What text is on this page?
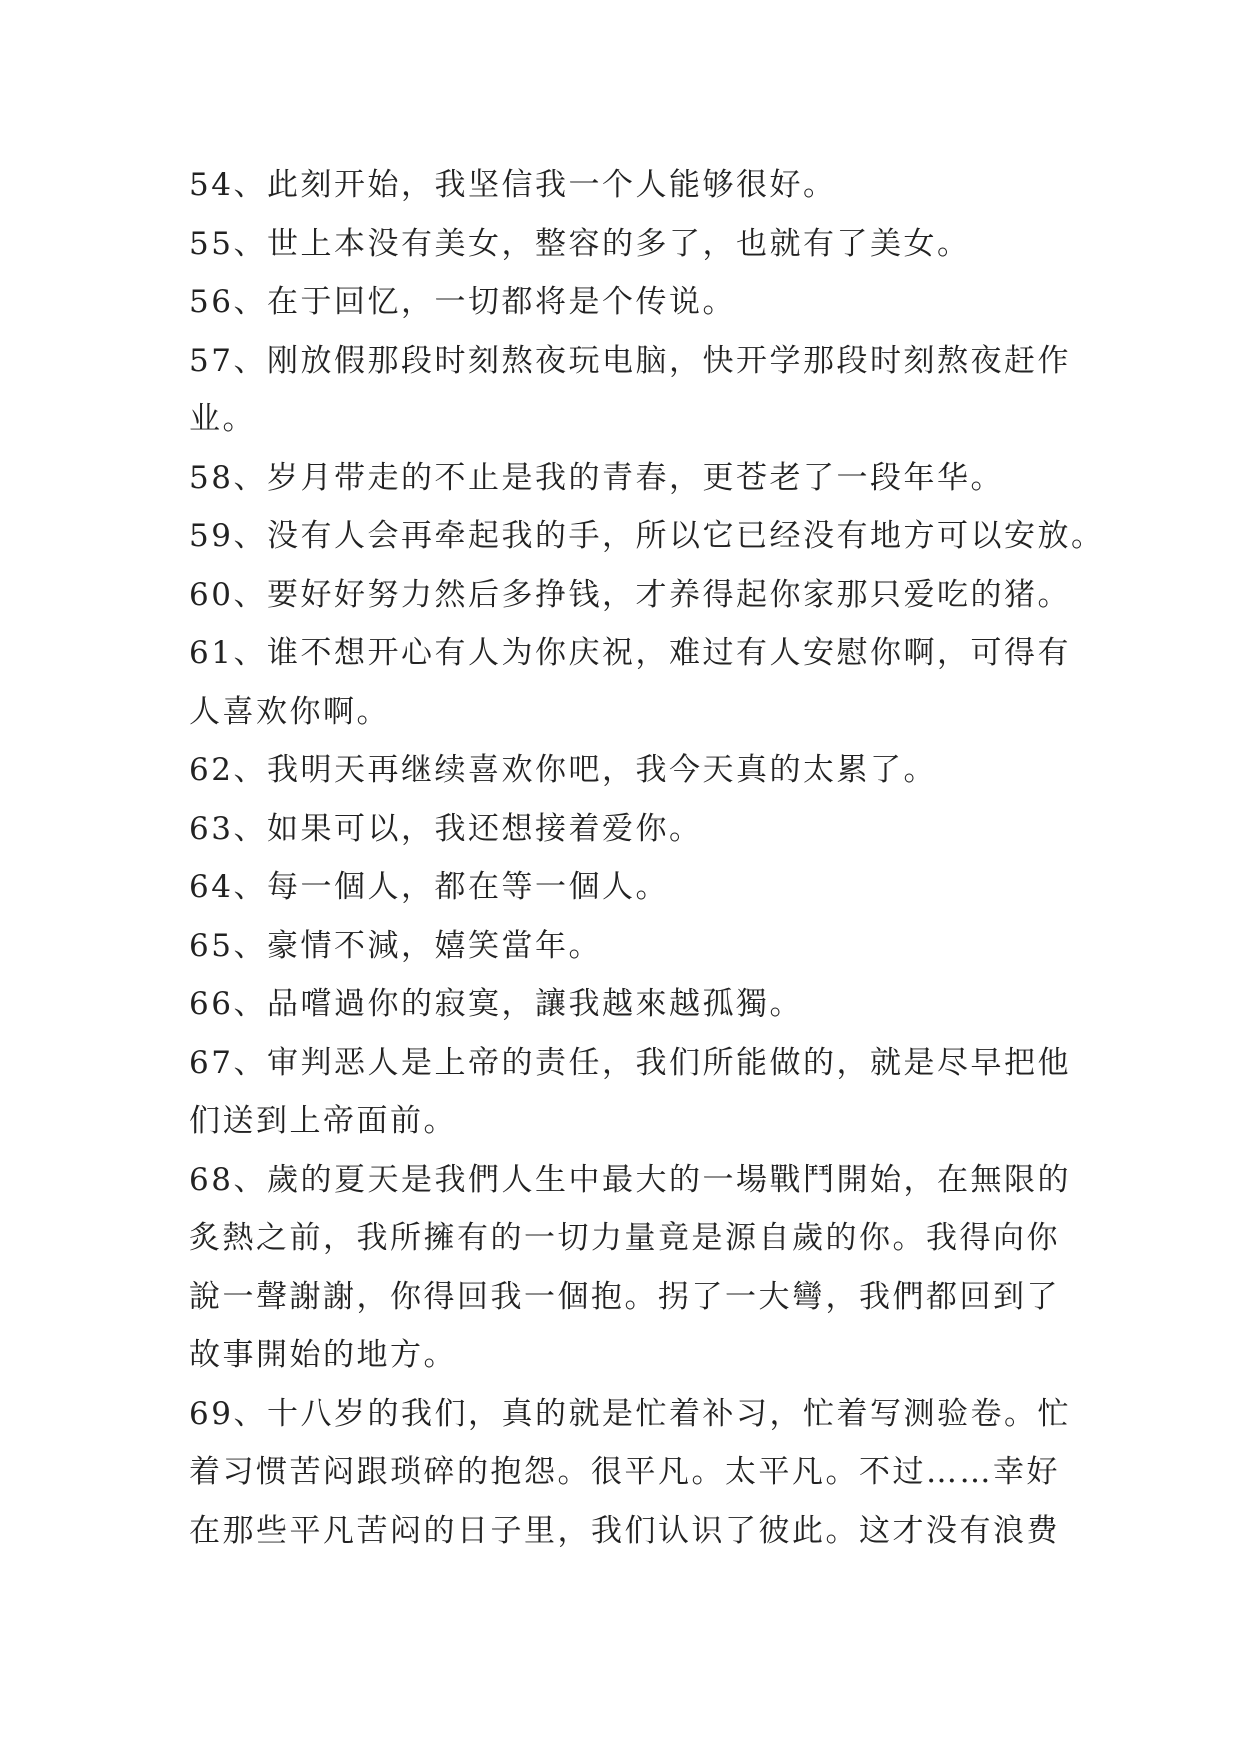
54、此刻开始，我坚信我一个人能够很好。
55、世上本没有美女，整容的多了，也就有了美女。
56、在于回忆，一切都将是个传说。
57、刚放假那段时刻熬夜玩电脑，快开学那段时刻熬夜赶作
业。
58、岁月带走的不止是我的青春，更苍老了一段年华。
59、没有人会再牵起我的手，所以它已经没有地方可以安放。
60、要好好努力然后多挣钱，才养得起你家那只爱吃的猪。
61、谁不想开心有人为你庆祝，难过有人安慰你啊，可得有
人喜欢你啊。
62、我明天再继续喜欢你吧，我今天真的太累了。
63、如果可以，我还想接着爱你。
64、每一個人，都在等一個人。
65、豪情不減，嬉笑當年。
66、品嚐過你的寂寞，讓我越來越孤獨。
67、审判恶人是上帝的责任，我们所能做的，就是尽早把他
们送到上帝面前。
68、歲的夏天是我們人生中最大的一場戰鬥開始，在無限的
炙熱之前，我所擁有的一切力量竟是源自歲的你。我得向你
說一聲謝謝，你得回我一個抱。拐了一大彎，我們都回到了
故事開始的地方。
69、十八岁的我们，真的就是忙着补习，忙着写测验卷。忙
着习惯苦闷跟琐碎的抱怨。很平凡。太平凡。不过……幸好
在那些平凡苦闷的日子里，我们认识了彼此。这才没有浪费
